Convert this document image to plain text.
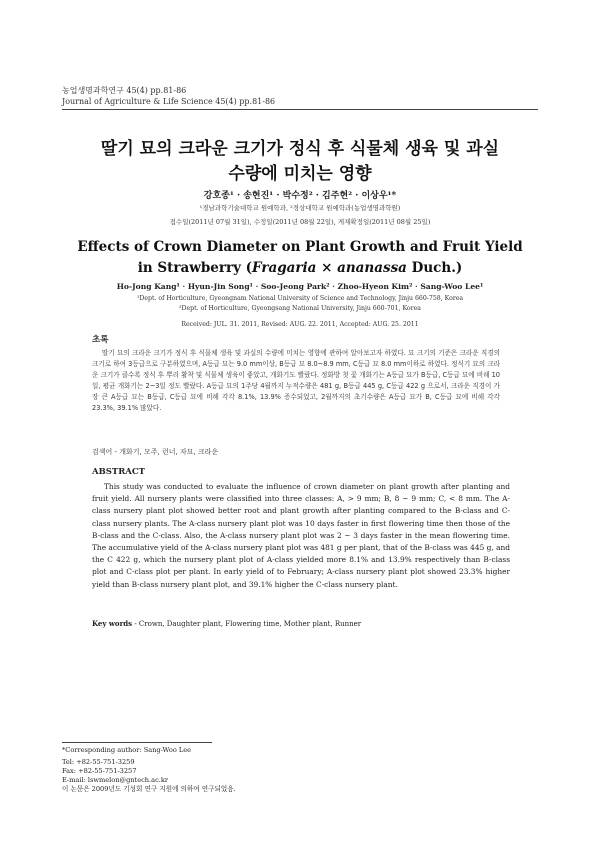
농업생명과학연구 45(4) pp.81-86
Journal of Agriculture & Life Science 45(4) pp.81-86
딸기 묘의 크라운 크기가 정식 후 식물체 생육 및 과실
수량에 미치는 영향
강호종¹ · 송현진¹ · 박수정² · 김주현² · 이상우¹*
¹경남과학기술대학교 원예학과, ²경상대학교 원예학과(농업생명과학원)
접수일(2011년 07월 31일), 수정일(2011년 08월 22일), 게재확정일(2011년 08월 25일)
Effects of Crown Diameter on Plant Growth and Fruit Yield
in Strawberry (Fragaria × ananassa Duch.)
Ho-Jong Kang¹ · Hyun-Jin Song¹ · Soo-Jeong Park² · Zhoo-Hyeon Kim² · Sang-Woo Lee¹
¹Dept. of Horticulture, Gyeongnam National University of Science and Technology, Jinju 660-758, Korea
²Dept. of Horticulture, Gyeongsang National University, Jinju 660-701, Korea
Received: JUL. 31. 2011, Revised: AUG. 22. 2011, Accepted: AUG. 25. 2011
초록
딸기 묘의 크라운 크기가 정식 후 식물체 생육 및 과실의 수량에 미치는 영향에 관하여 알아보고자 하였다. 묘 크기의 기준은 크라운 직경의 크기로 하여 3등급으로 구분하였으며, A등급 묘는 9.0 mm이상, B등급 묘 8.0~8.9 mm, C등급 묘 8.0 mm이하로 하였다. 정식기 묘의 크라운 크기가 클수록 정식 후 뿌리 활착 및 식물체 생육이 좋았고, 개화기도 빨랐다. 정화방 첫 꽃 개화기는 A등급 묘가 B등급, C등급 묘에 비해 10일, 평균 개화기는 2~3일 정도 빨랐다. A등급 묘의 1주당 4월까지 누적수량은 481 g, B등급 445 g, C등급 422 g 으로서, 크라운 직경이 가장 큰 A등급 묘는 B등급, C등급 묘에 비해 각각 8.1%, 13.9% 증수되었고, 2월까지의 초기수량은 A등급 묘가 B, C등급 묘에 비해 각각 23.3%, 39.1% 많았다.
검색어 - 개화기, 모주, 런너, 자묘, 크라운
ABSTRACT
This study was conducted to evaluate the influence of crown diameter on plant growth after planting and fruit yield. All nursery plants were classified into three classes: A, > 9 mm; B, 8 ~ 9 mm; C, < 8 mm. The A-class nursery plant plot showed better root and plant growth after planting compared to the B-class and C-class nursery plants. The A-class nursery plant plot was 10 days faster in first flowering time then those of the B-class and the C-class. Also, the A-class nursery plant plot was 2 ~ 3 days faster in the mean flowering time. The accumulative yield of the A-class nursery plant plot was 481 g per plant, that of the B-class was 445 g, and the C 422 g, which the nursery plant plot of A-class yielded more 8.1% and 13.9% respectively than B-class plot and C-class plot per plant. In early yield of to February; A-class nursery plant plot showed 23.3% higher yield than B-class nursery plant plot, and 39.1% higher the C-class nursery plant.
Key words - Crown, Daughter plant, Flowering time, Mother plant, Runner
*Corresponding author: Sang-Woo Lee
Tel: +82-55-751-3259
Fax: +82-55-751-3257
E-mail: lswmelon@gntech.ac.kr
이 논문은 2009년도 기성회 연구 지원에 의하여 연구되었음.
